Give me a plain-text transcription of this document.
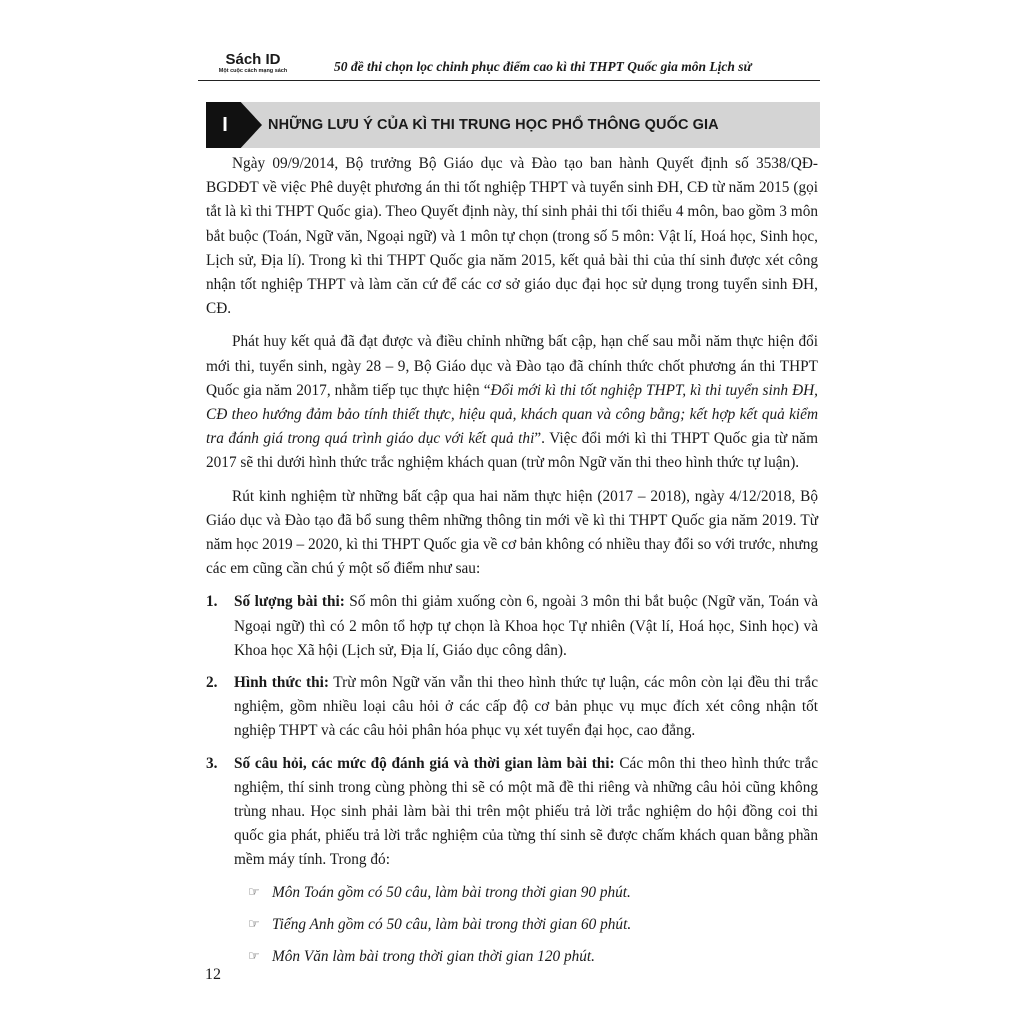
Sách ID
Một cuộc cách mạng sách	50 đề thi chọn lọc chinh phục điểm cao kì thi THPT Quốc gia môn Lịch sử
I	NHỮNG LƯU Ý CỦA KÌ THI TRUNG HỌC PHỔ THÔNG QUỐC GIA

Ngày 09/9/2014, Bộ trưởng Bộ Giáo dục và Đào tạo ban hành Quyết định số 3538/QĐ-BGDĐT về việc Phê duyệt phương án thi tốt nghiệp THPT và tuyển sinh ĐH, CĐ từ năm 2015 (gọi tắt là kì thi THPT Quốc gia). Theo Quyết định này, thí sinh phải thi tối thiểu 4 môn, bao gồm 3 môn bắt buộc (Toán, Ngữ văn, Ngoại ngữ) và 1 môn tự chọn (trong số 5 môn: Vật lí, Hoá học, Sinh học, Lịch sử, Địa lí). Trong kì thi THPT Quốc gia năm 2015, kết quả bài thi của thí sinh được xét công nhận tốt nghiệp THPT và làm căn cứ để các cơ sở giáo dục đại học sử dụng trong tuyển sinh ĐH, CĐ.

Phát huy kết quả đã đạt được và điều chỉnh những bất cập, hạn chế sau mỗi năm thực hiện đổi mới thi, tuyển sinh, ngày 28 – 9, Bộ Giáo dục và Đào tạo đã chính thức chốt phương án thi THPT Quốc gia năm 2017, nhằm tiếp tục thực hiện “Đổi mới kì thi tốt nghiệp THPT, kì thi tuyển sinh ĐH, CĐ theo hướng đảm bảo tính thiết thực, hiệu quả, khách quan và công bằng; kết hợp kết quả kiểm tra đánh giá trong quá trình giáo dục với kết quả thi”. Việc đổi mới kì thi THPT Quốc gia từ năm 2017 sẽ thi dưới hình thức trắc nghiệm khách quan (trừ môn Ngữ văn thi theo hình thức tự luận).

Rút kinh nghiệm từ những bất cập qua hai năm thực hiện (2017 – 2018), ngày 4/12/2018, Bộ Giáo dục và Đào tạo đã bổ sung thêm những thông tin mới về kì thi THPT Quốc gia năm 2019. Từ năm học 2019 – 2020, kì thi THPT Quốc gia về cơ bản không có nhiều thay đổi so với trước, nhưng các em cũng cần chú ý một số điểm như sau:

1. Số lượng bài thi: Số môn thi giảm xuống còn 6, ngoài 3 môn thi bắt buộc (Ngữ văn, Toán và Ngoại ngữ) thì có 2 môn tổ hợp tự chọn là Khoa học Tự nhiên (Vật lí, Hoá học, Sinh học) và Khoa học Xã hội (Lịch sử, Địa lí, Giáo dục công dân).
2. Hình thức thi: Trừ môn Ngữ văn vẫn thi theo hình thức tự luận, các môn còn lại đều thi trắc nghiệm, gồm nhiều loại câu hỏi ở các cấp độ cơ bản phục vụ mục đích xét công nhận tốt nghiệp THPT và các câu hỏi phân hóa phục vụ xét tuyển đại học, cao đẳng.
3. Số câu hỏi, các mức độ đánh giá và thời gian làm bài thi: Các môn thi theo hình thức trắc nghiệm, thí sinh trong cùng phòng thi sẽ có một mã đề thi riêng và những câu hỏi cũng không trùng nhau. Học sinh phải làm bài thi trên một phiếu trả lời trắc nghiệm do hội đồng coi thi quốc gia phát, phiếu trả lời trắc nghiệm của từng thí sinh sẽ được chấm khách quan bằng phần mềm máy tính. Trong đó:
☞ Môn Toán gồm có 50 câu, làm bài trong thời gian 90 phút.
☞ Tiếng Anh gồm có 50 câu, làm bài trong thời gian 60 phút.
☞ Môn Văn làm bài trong thời gian thời gian 120 phút.
12
